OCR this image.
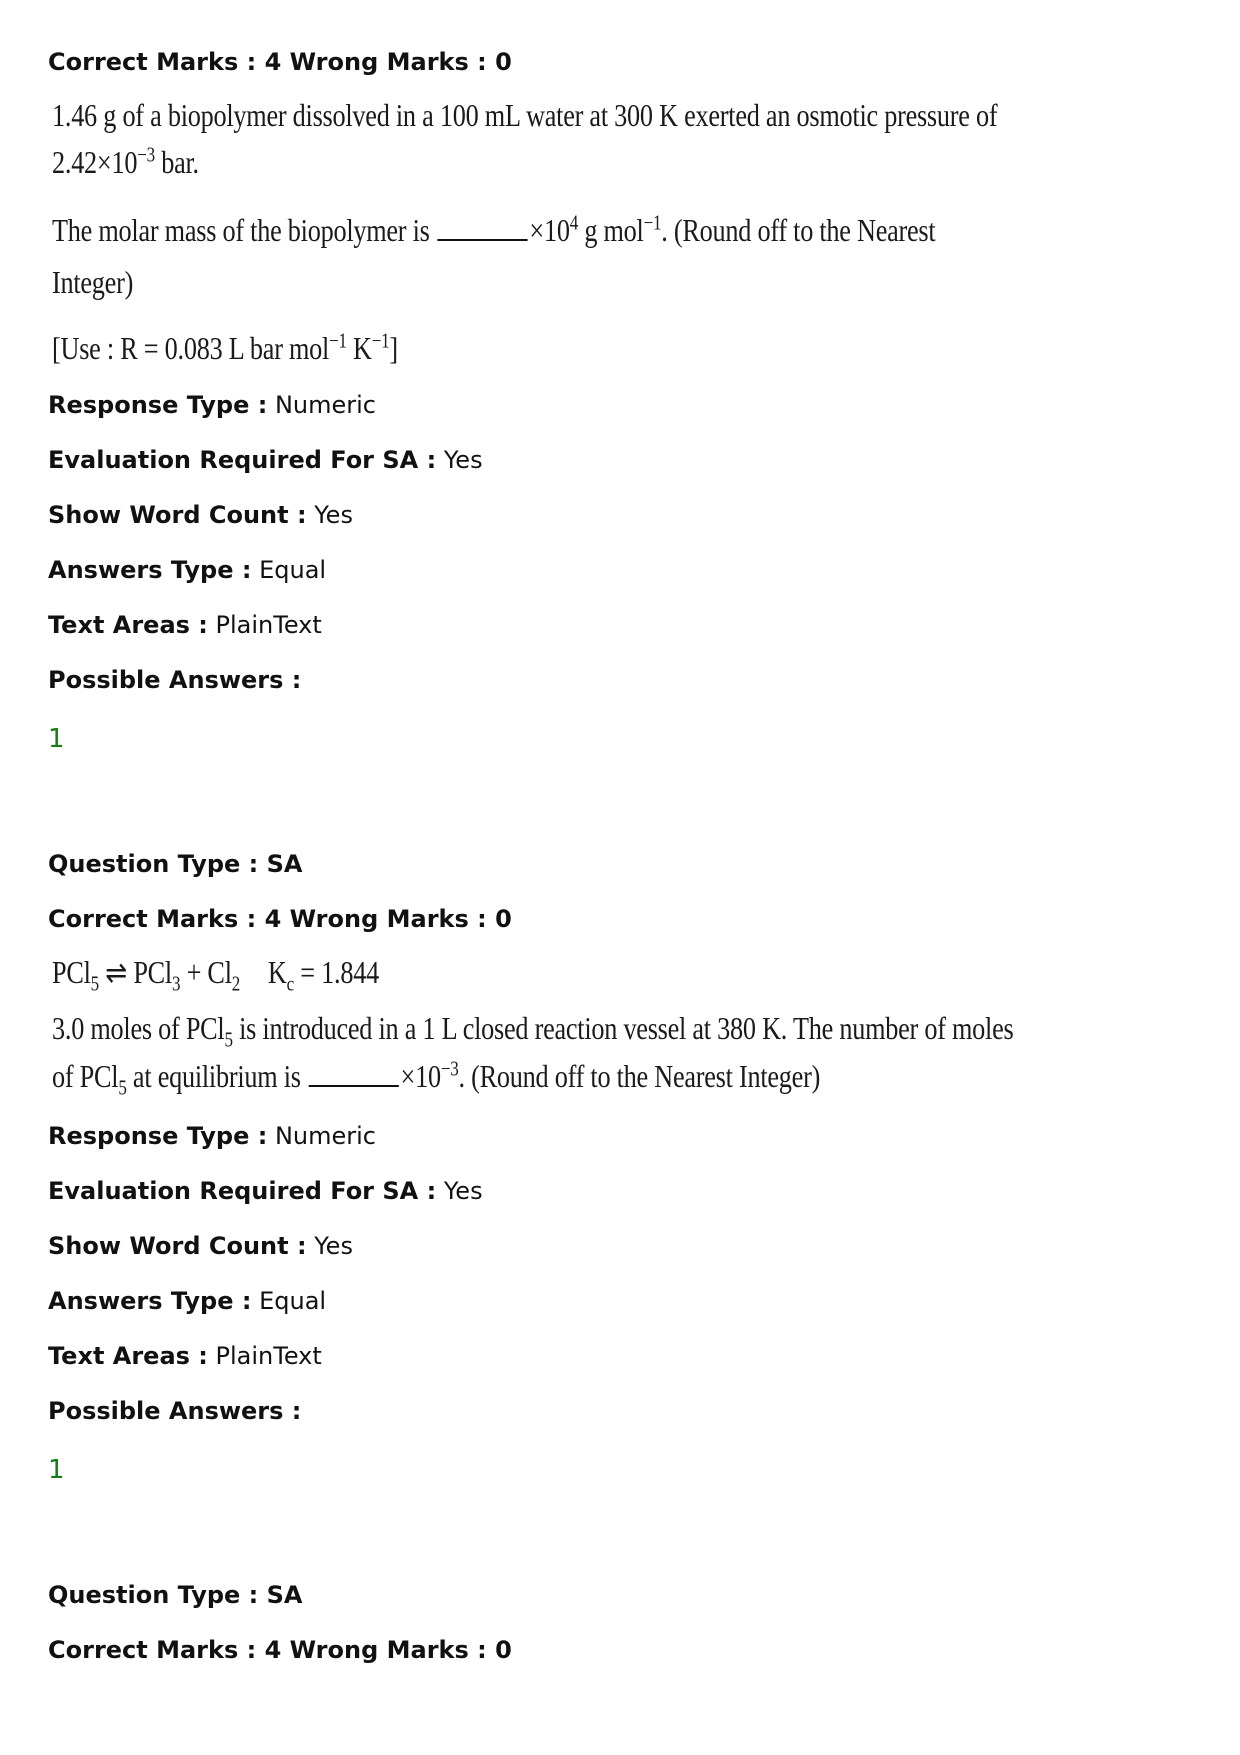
Correct Marks : 4 Wrong Marks : 0
1.46 g of a biopolymer dissolved in a 100 mL water at 300 K exerted an osmotic pressure of
$2.42\times 10^{-3}$ bar.
The molar mass of the biopolymer is	$\times 10^4$ g mol$^{-1}$. (Round off to the Nearest
Integer)
[Use : R = 0.083 L bar mol$^{-1}$ $K^{-1}$]
Response Type : Numeric
Evaluation Required For SA : Yes
Show Word Count : Yes
Answers Type : Equal
Text Areas : PlainText
Possible Answers :
1
Question Type : SA
Correct Marks : 4 Wrong Marks : 0
PCl$_5$ ⇌ $PCl_3 + Cl_2$ $K_c = 1.844$
3.0 moles of PCl$_5$ is introduced in a 1 L closed reaction vessel at 380 K. The number of moles
of PCl$_5$ at equilibrium is	$\times 10^{-3}$. (Round off to the Nearest Integer)
Response Type : Numeric
Evaluation Required For SA : Yes
Show Word Count : Yes
Answers Type : Equal
Text Areas : PlainText
Possible Answers :
1
Question Type : SA
Correct Marks : 4 Wrong Marks : 0
